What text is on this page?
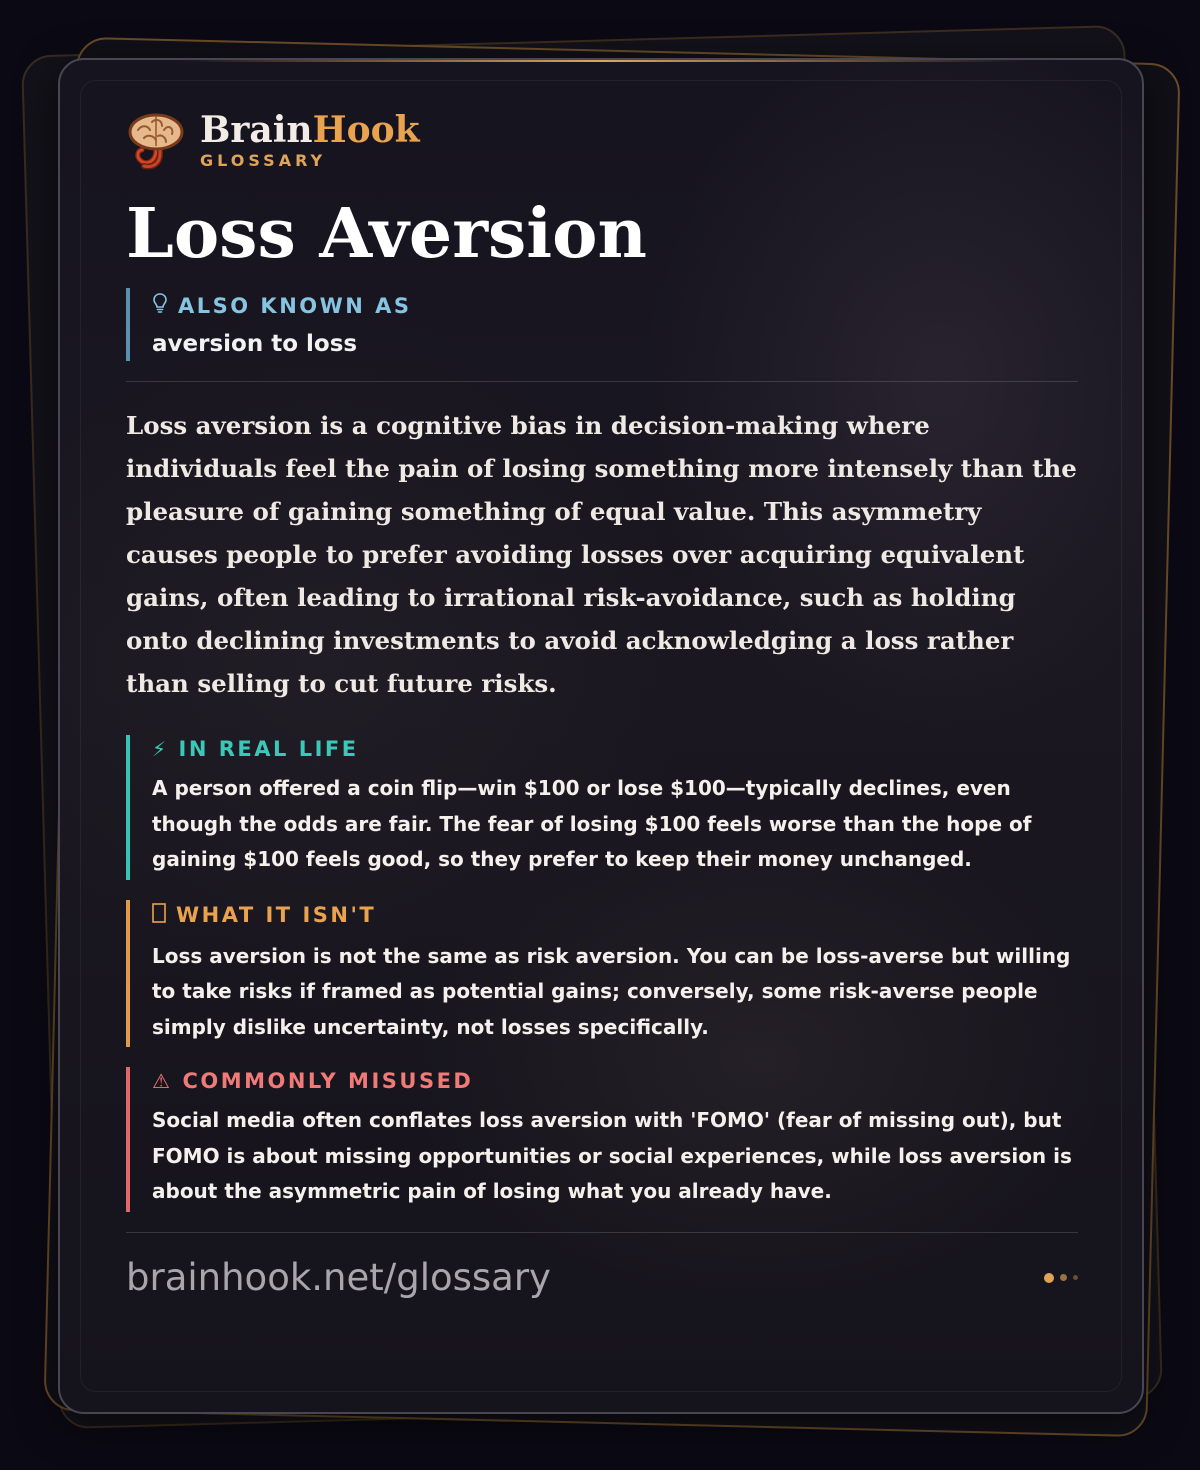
BrainHook
GLOSSARY
Loss Aversion
ALSO KNOWN AS
aversion to loss
Loss aversion is a cognitive bias in decision-making where individuals feel the pain of losing something more intensely than the pleasure of gaining something of equal value. This asymmetry causes people to prefer avoiding losses over acquiring equivalent gains, often leading to irrational risk-avoidance, such as holding onto declining investments to avoid acknowledging a loss rather than selling to cut future risks.
⚡ IN REAL LIFE
A person offered a coin flip—win $100 or lose $100—typically declines, even though the odds are fair. The fear of losing $100 feels worse than the hope of gaining $100 feels good, so they prefer to keep their money unchanged.
WHAT IT ISN'T
Loss aversion is not the same as risk aversion. You can be loss-averse but willing to take risks if framed as potential gains; conversely, some risk-averse people simply dislike uncertainty, not losses specifically.
⚠ COMMONLY MISUSED
Social media often conflates loss aversion with 'FOMO' (fear of missing out), but FOMO is about missing opportunities or social experiences, while loss aversion is about the asymmetric pain of losing what you already have.
brainhook.net/glossary
